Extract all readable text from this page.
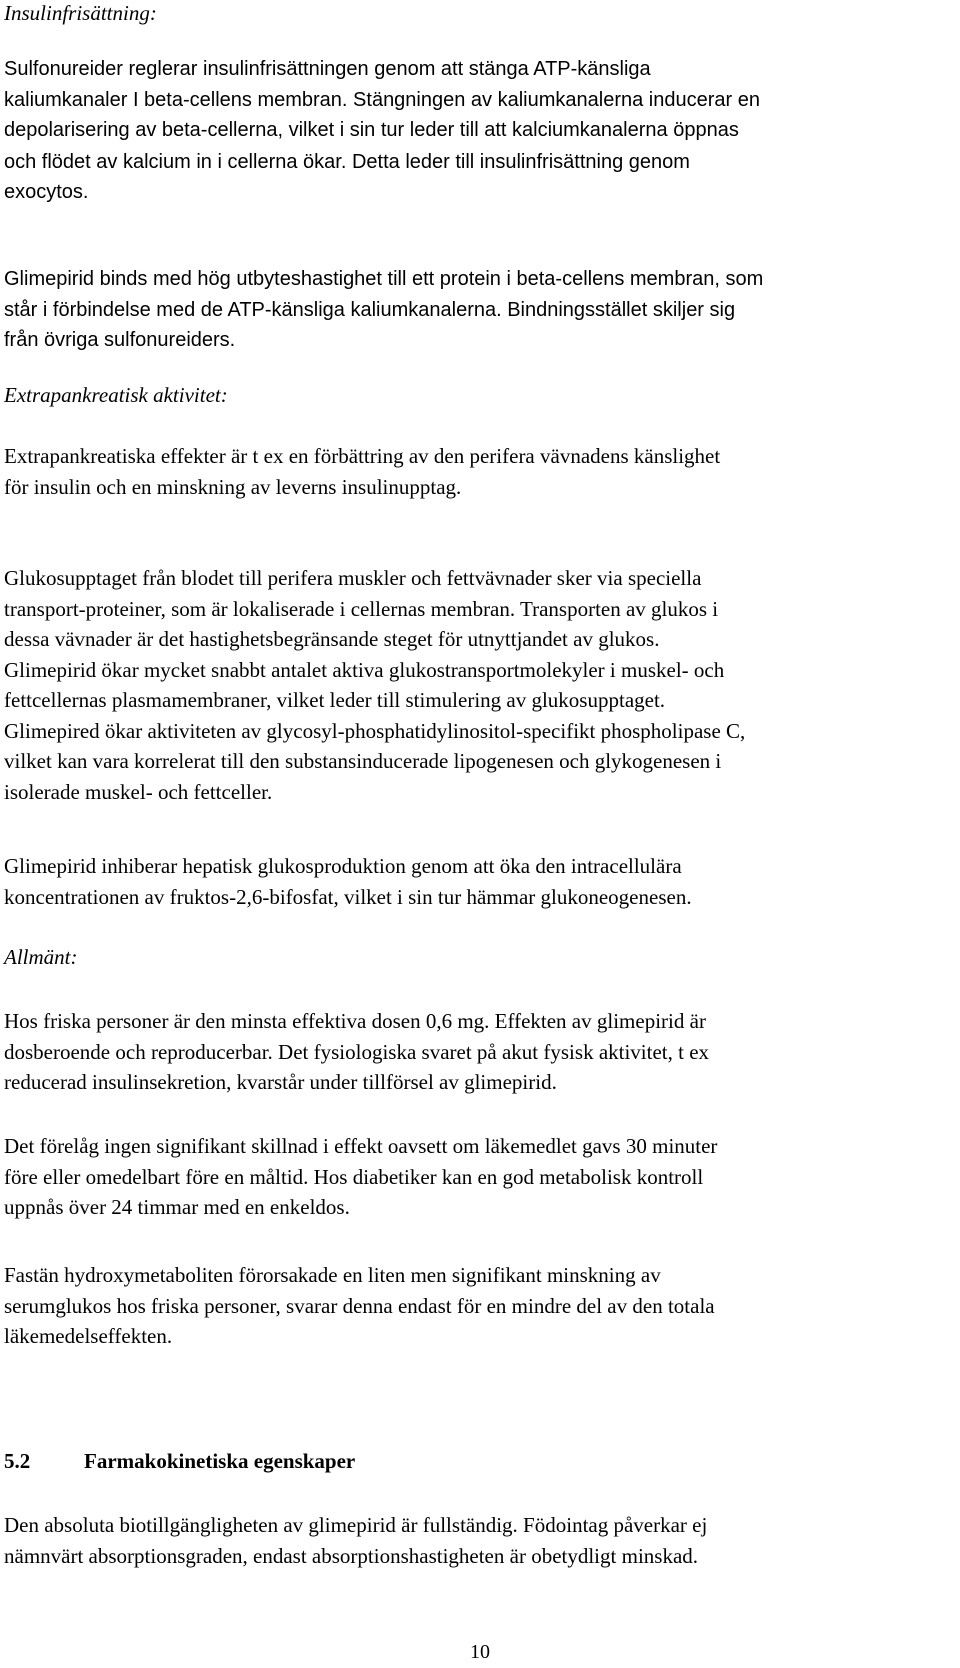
Insulinfrisättning:

Sulfonureider reglerar insulinfrisättningen genom att stänga ATP-känsliga
kaliumkanaler I beta-cellens membran. Stängningen av kaliumkanalerna inducerar en
depolarisering av beta-cellerna, vilket i sin tur leder till att kalciumkanalerna öppnas
och flödet av kalcium in i cellerna ökar. Detta leder till insulinfrisättning genom
exocytos.
Glimepirid binds med hög utbyteshastighet till ett protein i beta-cellens membran, som
står i förbindelse med de ATP-känsliga kaliumkanalerna. Bindningsstället skiljer sig
från övriga sulfonureiders.

Extrapankreatisk aktivitet:

Extrapankreatiska effekter är t ex en förbättring av den perifera vävnadens känslighet
för insulin och en minskning av leverns insulinupptag.
Glukosupptaget från blodet till perifera muskler och fettvävnader sker via speciella
transport-proteiner, som är lokaliserade i cellernas membran. Transporten av glukos i
dessa vävnader är det hastighetsbegränsande steget för utnyttjandet av glukos.
Glimepirid ökar mycket snabbt antalet aktiva glukostransportmolekyler i muskel- och
fettcellernas plasmamembraner, vilket leder till stimulering av glukosupptaget.
Glimepired ökar aktiviteten av glycosyl-phosphatidylinositol-specifikt phospholipase C,
vilket kan vara korrelerat till den substansinducerade lipogenesen och glykogenesen i
isolerade muskel- och fettceller.
Glimepirid inhiberar hepatisk glukosproduktion genom att öka den intracellulära
koncentrationen av fruktos-2,6-bifosfat, vilket i sin tur hämmar glukoneogenesen.

Allmänt:

Hos friska personer är den minsta effektiva dosen 0,6 mg. Effekten av glimepirid är
dosberoende och reproducerbar. Det fysiologiska svaret på akut fysisk aktivitet, t ex
reducerad insulinsekretion, kvarstår under tillförsel av glimepirid.
Det förelåg ingen signifikant skillnad i effekt oavsett om läkemedlet gavs 30 minuter
före eller omedelbart före en måltid. Hos diabetiker kan en god metabolisk kontroll
uppnås över 24 timmar med en enkeldos.
Fastän hydroxymetaboliten förorsakade en liten men signifikant minskning av
serumglukos hos friska personer, svarar denna endast för en mindre del av den totala
läkemedelseffekten.
5.2	Farmakokinetiska egenskaper
Den absoluta biotillgängligheten av glimepirid är fullständig. Födointag påverkar ej
nämnvärt absorptionsgraden, endast absorptionshastigheten är obetydligt minskad.
10
